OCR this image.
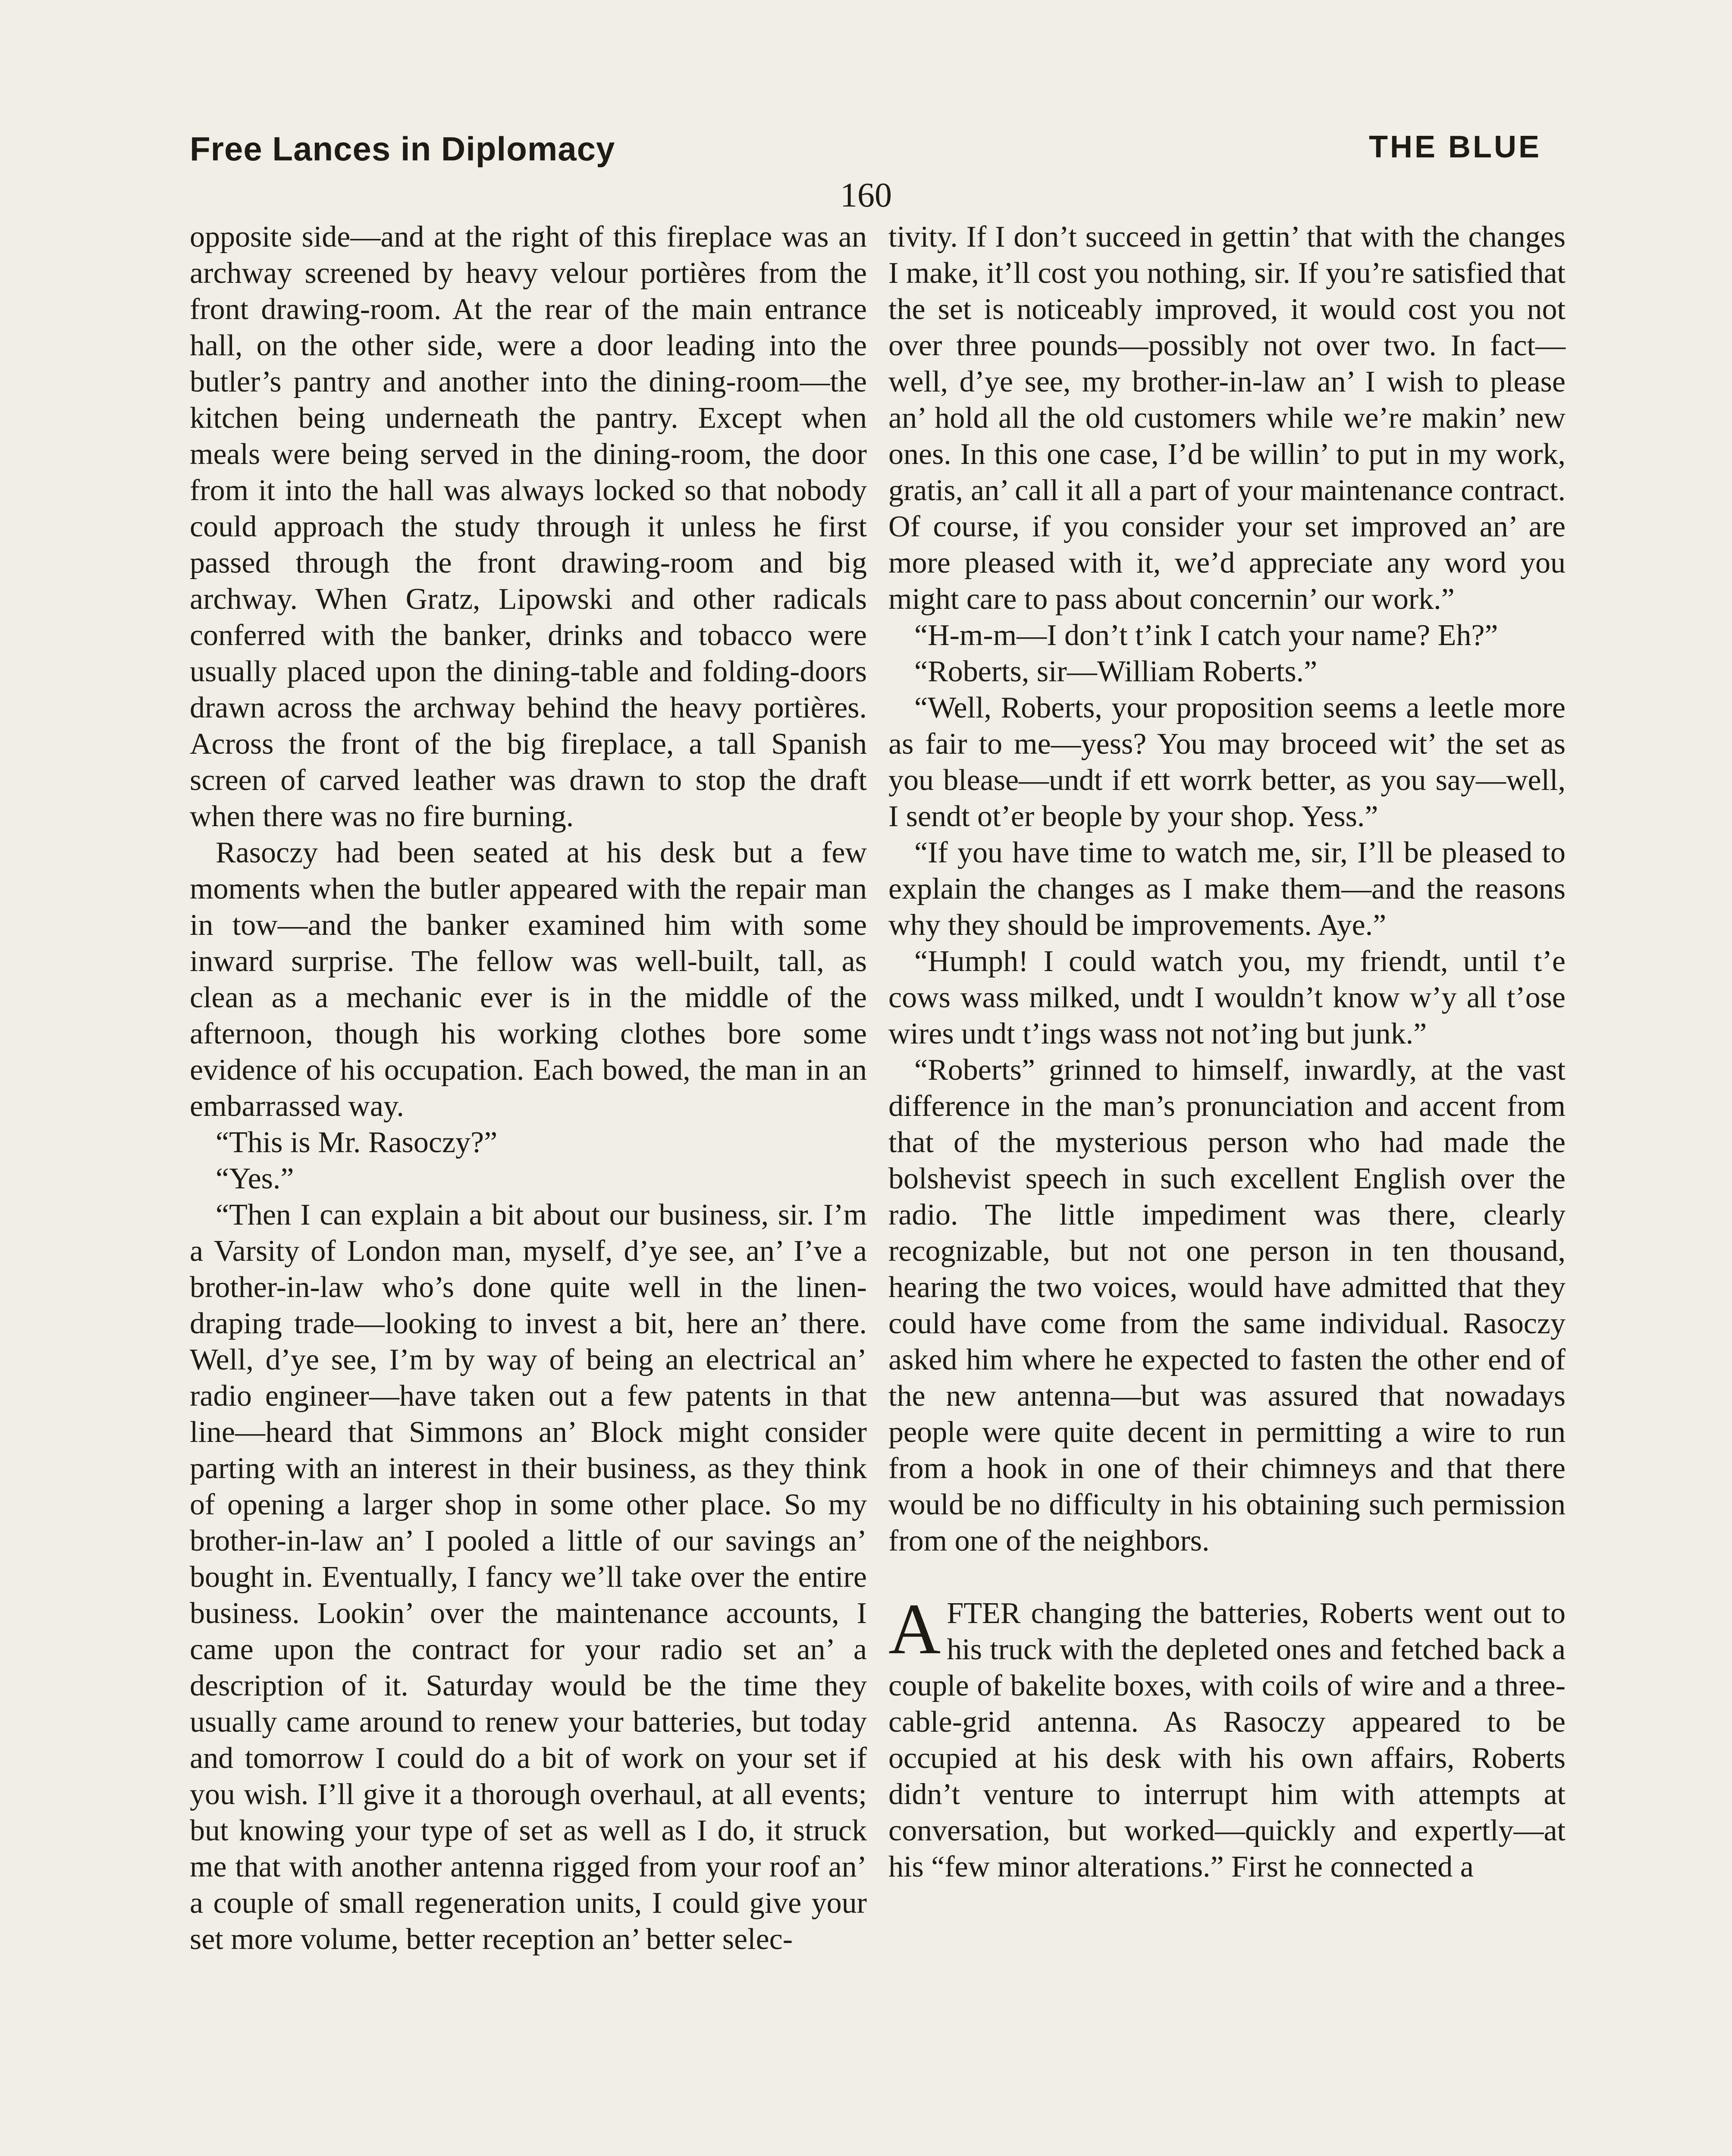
Free Lances in Diplomacy	THE BLUE
160

opposite side—and at the right of this fireplace was an archway screened by heavy velour portières from the front drawing-room. At the rear of the main entrance hall, on the other side, were a door leading into the butler’s pantry and another into the dining-room—the kitchen being underneath the pantry. Except when meals were being served in the dining-room, the door from it into the hall was always locked so that nobody could approach the study through it unless he first passed through the front drawing-room and big archway. When Gratz, Lipowski and other radicals conferred with the banker, drinks and tobacco were usually placed upon the dining-table and folding-doors drawn across the archway behind the heavy portières. Across the front of the big fireplace, a tall Spanish screen of carved leather was drawn to stop the draft when there was no fire burning.

Rasoczy had been seated at his desk but a few moments when the butler appeared with the repair man in tow—and the banker examined him with some inward surprise. The fellow was well-built, tall, as clean as a mechanic ever is in the middle of the afternoon, though his working clothes bore some evidence of his occupation. Each bowed, the man in an embarrassed way.

“This is Mr. Rasoczy?”

“Yes.”

“Then I can explain a bit about our business, sir. I’m a Varsity of London man, myself, d’ye see, an’ I’ve a brother-in-law who’s done quite well in the linen-draping trade—looking to invest a bit, here an’ there. Well, d’ye see, I’m by way of being an electrical an’ radio engineer—have taken out a few patents in that line—heard that Simmons an’ Block might consider parting with an interest in their business, as they think of opening a larger shop in some other place. So my brother-in-law an’ I pooled a little of our savings an’ bought in. Eventually, I fancy we’ll take over the entire business. Lookin’ over the maintenance accounts, I came upon the contract for your radio set an’ a description of it. Saturday would be the time they usually came around to renew your batteries, but today and tomorrow I could do a bit of work on your set if you wish. I’ll give it a thorough overhaul, at all events; but knowing your type of set as well as I do, it struck me that with another antenna rigged from your roof an’ a couple of small regeneration units, I could give your set more volume, better reception an’ better selec-

tivity. If I don’t succeed in gettin’ that with the changes I make, it’ll cost you nothing, sir. If you’re satisfied that the set is noticeably improved, it would cost you not over three pounds—possibly not over two. In fact—well, d’ye see, my brother-in-law an’ I wish to please an’ hold all the old customers while we’re makin’ new ones. In this one case, I’d be willin’ to put in my work, gratis, an’ call it all a part of your maintenance contract. Of course, if you consider your set improved an’ are more pleased with it, we’d appreciate any word you might care to pass about concernin’ our work.”

“H-m-m—I don’t t’ink I catch your name? Eh?”

“Roberts, sir—William Roberts.”

“Well, Roberts, your proposition seems a leetle more as fair to me—yess? You may broceed wit’ the set as you blease—undt if ett worrk better, as you say—well, I sendt ot’er beople by your shop. Yess.”

“If you have time to watch me, sir, I’ll be pleased to explain the changes as I make them—and the reasons why they should be improvements. Aye.”

“Humph! I could watch you, my friendt, until t’e cows wass milked, undt I wouldn’t know w’y all t’ose wires undt t’ings wass not not’ing but junk.”

“Roberts” grinned to himself, inwardly, at the vast difference in the man’s pronunciation and accent from that of the mysterious person who had made the bolshevist speech in such excellent English over the radio. The little impediment was there, clearly recognizable, but not one person in ten thousand, hearing the two voices, would have admitted that they could have come from the same individual. Rasoczy asked him where he expected to fasten the other end of the new antenna—but was assured that nowadays people were quite decent in permitting a wire to run from a hook in one of their chimneys and that there would be no difficulty in his obtaining such permission from one of the neighbors.

AFTER changing the batteries, Roberts went out to his truck with the depleted ones and fetched back a couple of bakelite boxes, with coils of wire and a three-cable-grid antenna. As Rasoczy appeared to be occupied at his desk with his own affairs, Roberts didn’t venture to interrupt him with attempts at conversation, but worked—quickly and expertly—at his “few minor alterations.” First he connected a
